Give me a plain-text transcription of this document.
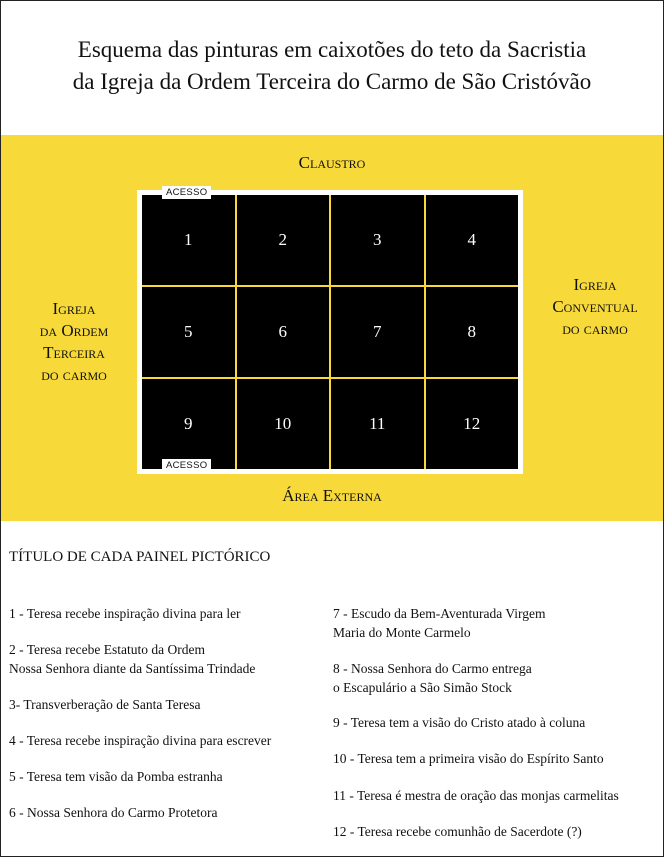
Esquema das pinturas em caixotões do teto da Sacristia
da Igreja da Ordem Terceira do Carmo de São Cristóvão
Claustro
Área Externa
Igreja
da Ordem
Terceira
do carmo
Igreja
Conventual
do carmo
1	2	3	4
5	6	7	8
9	10	11	12
ACESSO
ACESSO
TÍTULO DE CADA PAINEL PICTÓRICO
1 - Teresa recebe inspiração divina para ler
2 - Teresa recebe Estatuto da Ordem
Nossa Senhora diante da Santíssima Trindade
3- Transverberação de Santa Teresa
4 - Teresa recebe inspiração divina para escrever
5 - Teresa tem visão da Pomba estranha
6 - Nossa Senhora do Carmo Protetora
7 - Escudo da Bem-Aventurada Virgem
Maria do Monte Carmelo
8 - Nossa Senhora do Carmo entrega
o Escapulário a São Simão Stock
9 - Teresa tem a visão do Cristo atado à coluna
10 - Teresa tem a primeira visão do Espírito Santo
11 - Teresa é mestra de oração das monjas carmelitas
12 - Teresa recebe comunhão de Sacerdote (?)
